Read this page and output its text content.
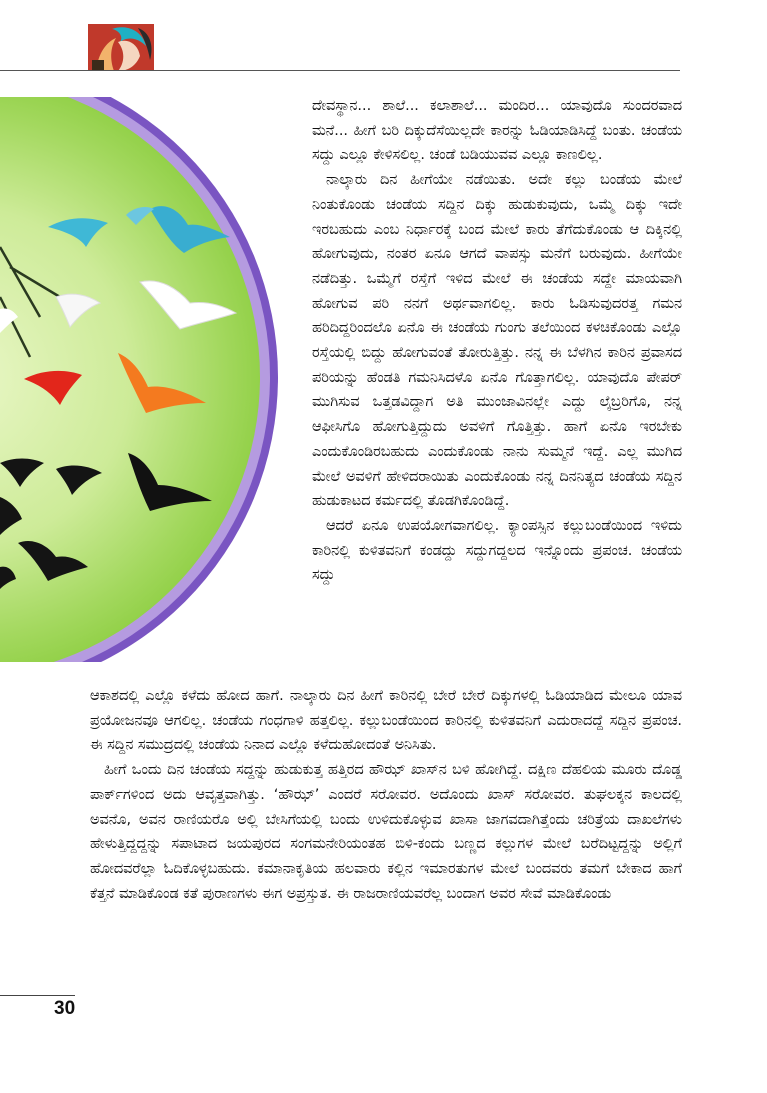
ದೇವಸ್ಥಾನ... ಶಾಲೆ... ಕಲಾಶಾಲೆ... ಮಂದಿರ... ಯಾವುದೊ ಸುಂದರವಾದ ಮನೆ... ಹೀಗೆ ಬರಿ ದಿಕ್ಕುದೆಸೆಯಿಲ್ಲದೇ ಕಾರನ್ನು ಓಡಿಯಾಡಿಸಿದ್ದೆ ಬಂತು. ಚಂಡೆಯ ಸದ್ದು ಎಲ್ಲೂ ಕೇಳಿಸಲಿಲ್ಲ. ಚಂಡೆ ಬಡಿಯುವವ ಎಲ್ಲೂ ಕಾಣಲಿಲ್ಲ.

ನಾಲ್ಕಾರು ದಿನ ಹೀಗೆಯೇ ನಡೆಯಿತು. ಅದೇ ಕಲ್ಲು ಬಂಡೆಯ ಮೇಲೆ ನಿಂತುಕೊಂಡು ಚಂಡೆಯ ಸದ್ದಿನ ದಿಕ್ಕು ಹುಡುಕುವುದು, ಒಮ್ಮೆ ದಿಕ್ಕು ಇದೇ ಇರಬಹುದು ಎಂಬ ನಿರ್ಧಾರಕ್ಕೆ ಬಂದ ಮೇಲೆ ಕಾರು ತೆಗೆದುಕೊಂಡು ಆ ದಿಕ್ಕಿನಲ್ಲಿ ಹೋಗುವುದು, ನಂತರ ಏನೂ ಆಗದೆ ವಾಪಸ್ಸು ಮನೆಗೆ ಬರುವುದು. ಹೀಗೆಯೇ ನಡೆದಿತ್ತು. ಒಮ್ಮೆಗೆ ರಸ್ತೆಗೆ ಇಳಿದ ಮೇಲೆ ಈ ಚಂಡೆಯ ಸದ್ದೇ ಮಾಯವಾಗಿ ಹೋಗುವ ಪರಿ ನನಗೆ ಅರ್ಥವಾಗಲಿಲ್ಲ. ಕಾರು ಓಡಿಸುವುದರತ್ತ ಗಮನ ಹರಿದಿದ್ದರಿಂದಲೊ ಏನೊ ಈ ಚಂಡೆಯ ಗುಂಗು ತಲೆಯಿಂದ ಕಳಚಿಕೊಂಡು ಎಲ್ಲೊ ರಸ್ತೆಯಲ್ಲಿ ಬಿದ್ದು ಹೋಗುವಂತೆ ತೋರುತ್ತಿತ್ತು. ನನ್ನ ಈ ಬೆಳಗಿನ ಕಾರಿನ ಪ್ರವಾಸದ ಪರಿಯನ್ನು ಹೆಂಡತಿ ಗಮನಿಸಿದಳೊ ಏನೊ ಗೊತ್ತಾಗಲಿಲ್ಲ. ಯಾವುದೊ ಪೇಪರ್ ಮುಗಿಸುವ ಒತ್ತಡವಿದ್ದಾಗ ಅತಿ ಮುಂಜಾವಿನಲ್ಲೇ ಎದ್ದು ಲೈಬ್ರರಿಗೊ, ನನ್ನ ಆಫೀಸಿಗೊ ಹೋಗುತ್ತಿದ್ದುದು ಅವಳಿಗೆ ಗೊತ್ತಿತ್ತು. ಹಾಗೆ ಏನೊ ಇರಬೇಕು ಎಂದುಕೊಂಡಿರಬಹುದು ಎಂದುಕೊಂಡು ನಾನು ಸುಮ್ಮನೆ ಇದ್ದೆ. ಎಲ್ಲ ಮುಗಿದ ಮೇಲೆ ಅವಳಿಗೆ ಹೇಳಿದರಾಯಿತು ಎಂದುಕೊಂಡು ನನ್ನ ದಿನನಿತ್ಯದ ಚಂಡೆಯ ಸದ್ದಿನ ಹುಡುಕಾಟದ ಕರ್ಮದಲ್ಲಿ ತೊಡಗಿಕೊಂಡಿದ್ದೆ.

ಆದರೆ ಏನೂ ಉಪಯೋಗವಾಗಲಿಲ್ಲ. ಕ್ಯಾಂಪಸ್ಸಿನ ಕಲ್ಲುಬಂಡೆಯಿಂದ ಇಳಿದು ಕಾರಿನಲ್ಲಿ ಕುಳಿತವನಿಗೆ ಕಂಡದ್ದು ಸದ್ದುಗದ್ದಲದ ಇನ್ನೊಂದು ಪ್ರಪಂಚ. ಚಂಡೆಯ ಸದ್ದು

ಆಕಾಶದಲ್ಲಿ ಎಲ್ಲೊ ಕಳೆದು ಹೋದ ಹಾಗೆ. ನಾಲ್ಕಾರು ದಿನ ಹೀಗೆ ಕಾರಿನಲ್ಲಿ ಬೇರೆ ಬೇರೆ ದಿಕ್ಕುಗಳಲ್ಲಿ ಓಡಿಯಾಡಿದ ಮೇಲೂ ಯಾವ ಪ್ರಯೋಜನವೂ ಆಗಲಿಲ್ಲ. ಚಂಡೆಯ ಗಂಧಗಾಳಿ ಹತ್ತಲಿಲ್ಲ. ಕಲ್ಲುಬಂಡೆಯಿಂದ ಕಾರಿನಲ್ಲಿ ಕುಳಿತವನಿಗೆ ಎದುರಾದದ್ದೆ ಸದ್ದಿನ ಪ್ರಪಂಚ. ಈ ಸದ್ದಿನ ಸಮುದ್ರದಲ್ಲಿ ಚಂಡೆಯ ನಿನಾದ ಎಲ್ಲೊ ಕಳೆದುಹೋದಂತೆ ಅನಿಸಿತು.

ಹೀಗೆ ಒಂದು ದಿನ ಚಂಡೆಯ ಸದ್ದನ್ನು ಹುಡುಕುತ್ತ ಹತ್ತಿರದ ಹೌಝ್ ಖಾಸ್‌ನ ಬಳಿ ಹೋಗಿದ್ದೆ. ದಕ್ಷಿಣ ದೆಹಲಿಯ ಮೂರು ದೊಡ್ಡ ಪಾರ್ಕ್‌ಗಳಿಂದ ಅದು ಆವೃತ್ತವಾಗಿತ್ತು. ‘ಹೌಝ್’ ಎಂದರೆ ಸರೋವರ. ಅದೊಂದು ಖಾಸ್ ಸರೋವರ. ತುಘಲಕ್ಕನ ಕಾಲದಲ್ಲಿ ಅವನೊ, ಅವನ ರಾಣಿಯರೊ ಅಲ್ಲಿ ಬೇಸಿಗೆಯಲ್ಲಿ ಬಂದು ಉಳಿದುಕೊಳ್ಳುವ ಖಾಸಾ ಜಾಗವದಾಗಿತ್ತೆಂದು ಚರಿತ್ರೆಯ ದಾಖಲೆಗಳು ಹೇಳುತ್ತಿದ್ದದ್ದನ್ನು ಸಪಾಟಾದ ಜಯಪುರದ ಸಂಗಮನೇರಿಯಂತಹ ಬಿಳಿ-ಕಂದು ಬಣ್ಣದ ಕಲ್ಲುಗಳ ಮೇಲೆ ಬರೆದಿಟ್ಟದ್ದನ್ನು ಅಲ್ಲಿಗೆ ಹೋದವರೆಲ್ಲಾ ಓದಿಕೊಳ್ಳಬಹುದು. ಕಮಾನಾಕೃತಿಯ ಹಲವಾರು ಕಲ್ಲಿನ ಇಮಾರತುಗಳ ಮೇಲೆ ಬಂದವರು ತಮಗೆ ಬೇಕಾದ ಹಾಗೆ ಕೆತ್ತನೆ ಮಾಡಿಕೊಂಡ ಕತೆ ಪುರಾಣಗಳು ಈಗ ಅಪ್ರಸ್ತುತ. ಈ ರಾಜರಾಣಿಯವರೆಲ್ಲ ಬಂದಾಗ ಅವರ ಸೇವೆ ಮಾಡಿಕೊಂಡು

30
